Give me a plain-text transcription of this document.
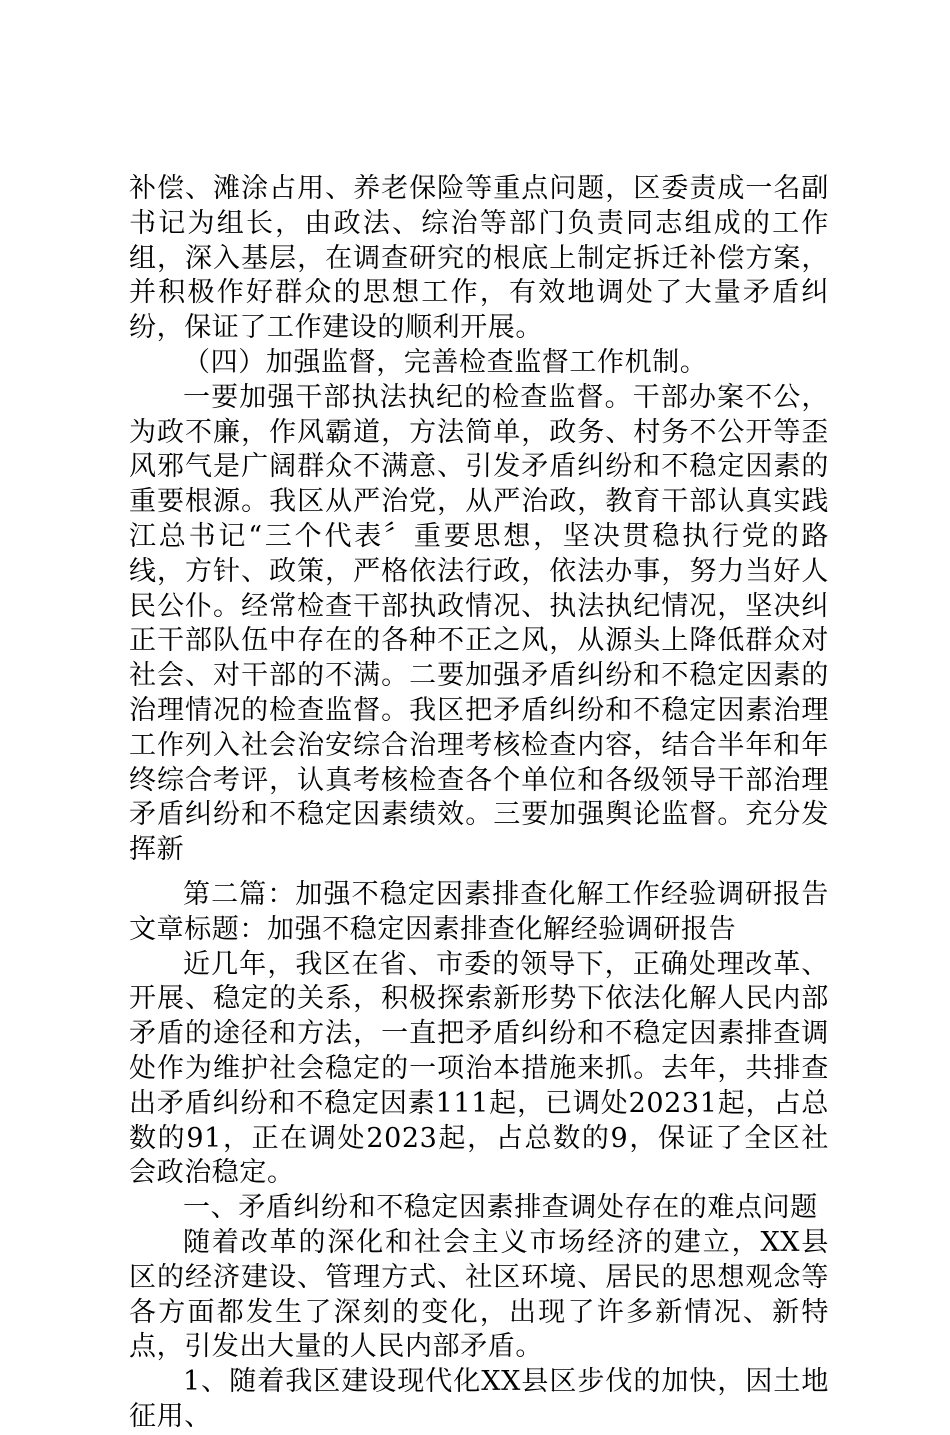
补偿、滩涂占用、养老保险等重点问题，区委责成一名副书记为组长，由政法、综治等部门负责同志组成的工作组，深入基层，在调查研究的根底上制定拆迁补偿方案，并积极作好群众的思想工作，有效地调处了大量矛盾纠纷，保证了工作建设的顺利开展。

（四）加强监督，完善检查监督工作机制。

一要加强干部执法执纪的检查监督。干部办案不公，为政不廉，作风霸道，方法简单，政务、村务不公开等歪风邪气是广阔群众不满意、引发矛盾纠纷和不稳定因素的重要根源。我区从严治党，从严治政，教育干部认真实践江总书记“三个代表〞重要思想，坚决贯稳执行党的路线，方针、政策，严格依法行政，依法办事，努力当好人民公仆。经常检查干部执政情况、执法执纪情况，坚决纠正干部队伍中存在的各种不正之风，从源头上降低群众对社会、对干部的不满。二要加强矛盾纠纷和不稳定因素的治理情况的检查监督。我区把矛盾纠纷和不稳定因素治理工作列入社会治安综合治理考核检查内容，结合半年和年终综合考评，认真考核检查各个单位和各级领导干部治理矛盾纠纷和不稳定因素绩效。三要加强舆论监督。充分发挥新

第二篇：加强不稳定因素排查化解工作经验调研报告文章标题：加强不稳定因素排查化解经验调研报告

近几年，我区在省、市委的领导下，正确处理改革、开展、稳定的关系，积极探索新形势下依法化解人民内部矛盾的途径和方法，一直把矛盾纠纷和不稳定因素排查调处作为维护社会稳定的一项治本措施来抓。去年，共排查出矛盾纠纷和不稳定因素111起，已调处20231起，占总数的91，正在调处2023起，占总数的9，保证了全区社会政治稳定。

一、矛盾纠纷和不稳定因素排查调处存在的难点问题

随着改革的深化和社会主义市场经济的建立，XX县区的经济建设、管理方式、社区环境、居民的思想观念等各方面都发生了深刻的变化，出现了许多新情况、新特点，引发出大量的人民内部矛盾。

1、随着我区建设现代化XX县区步伐的加快，因土地征用、
